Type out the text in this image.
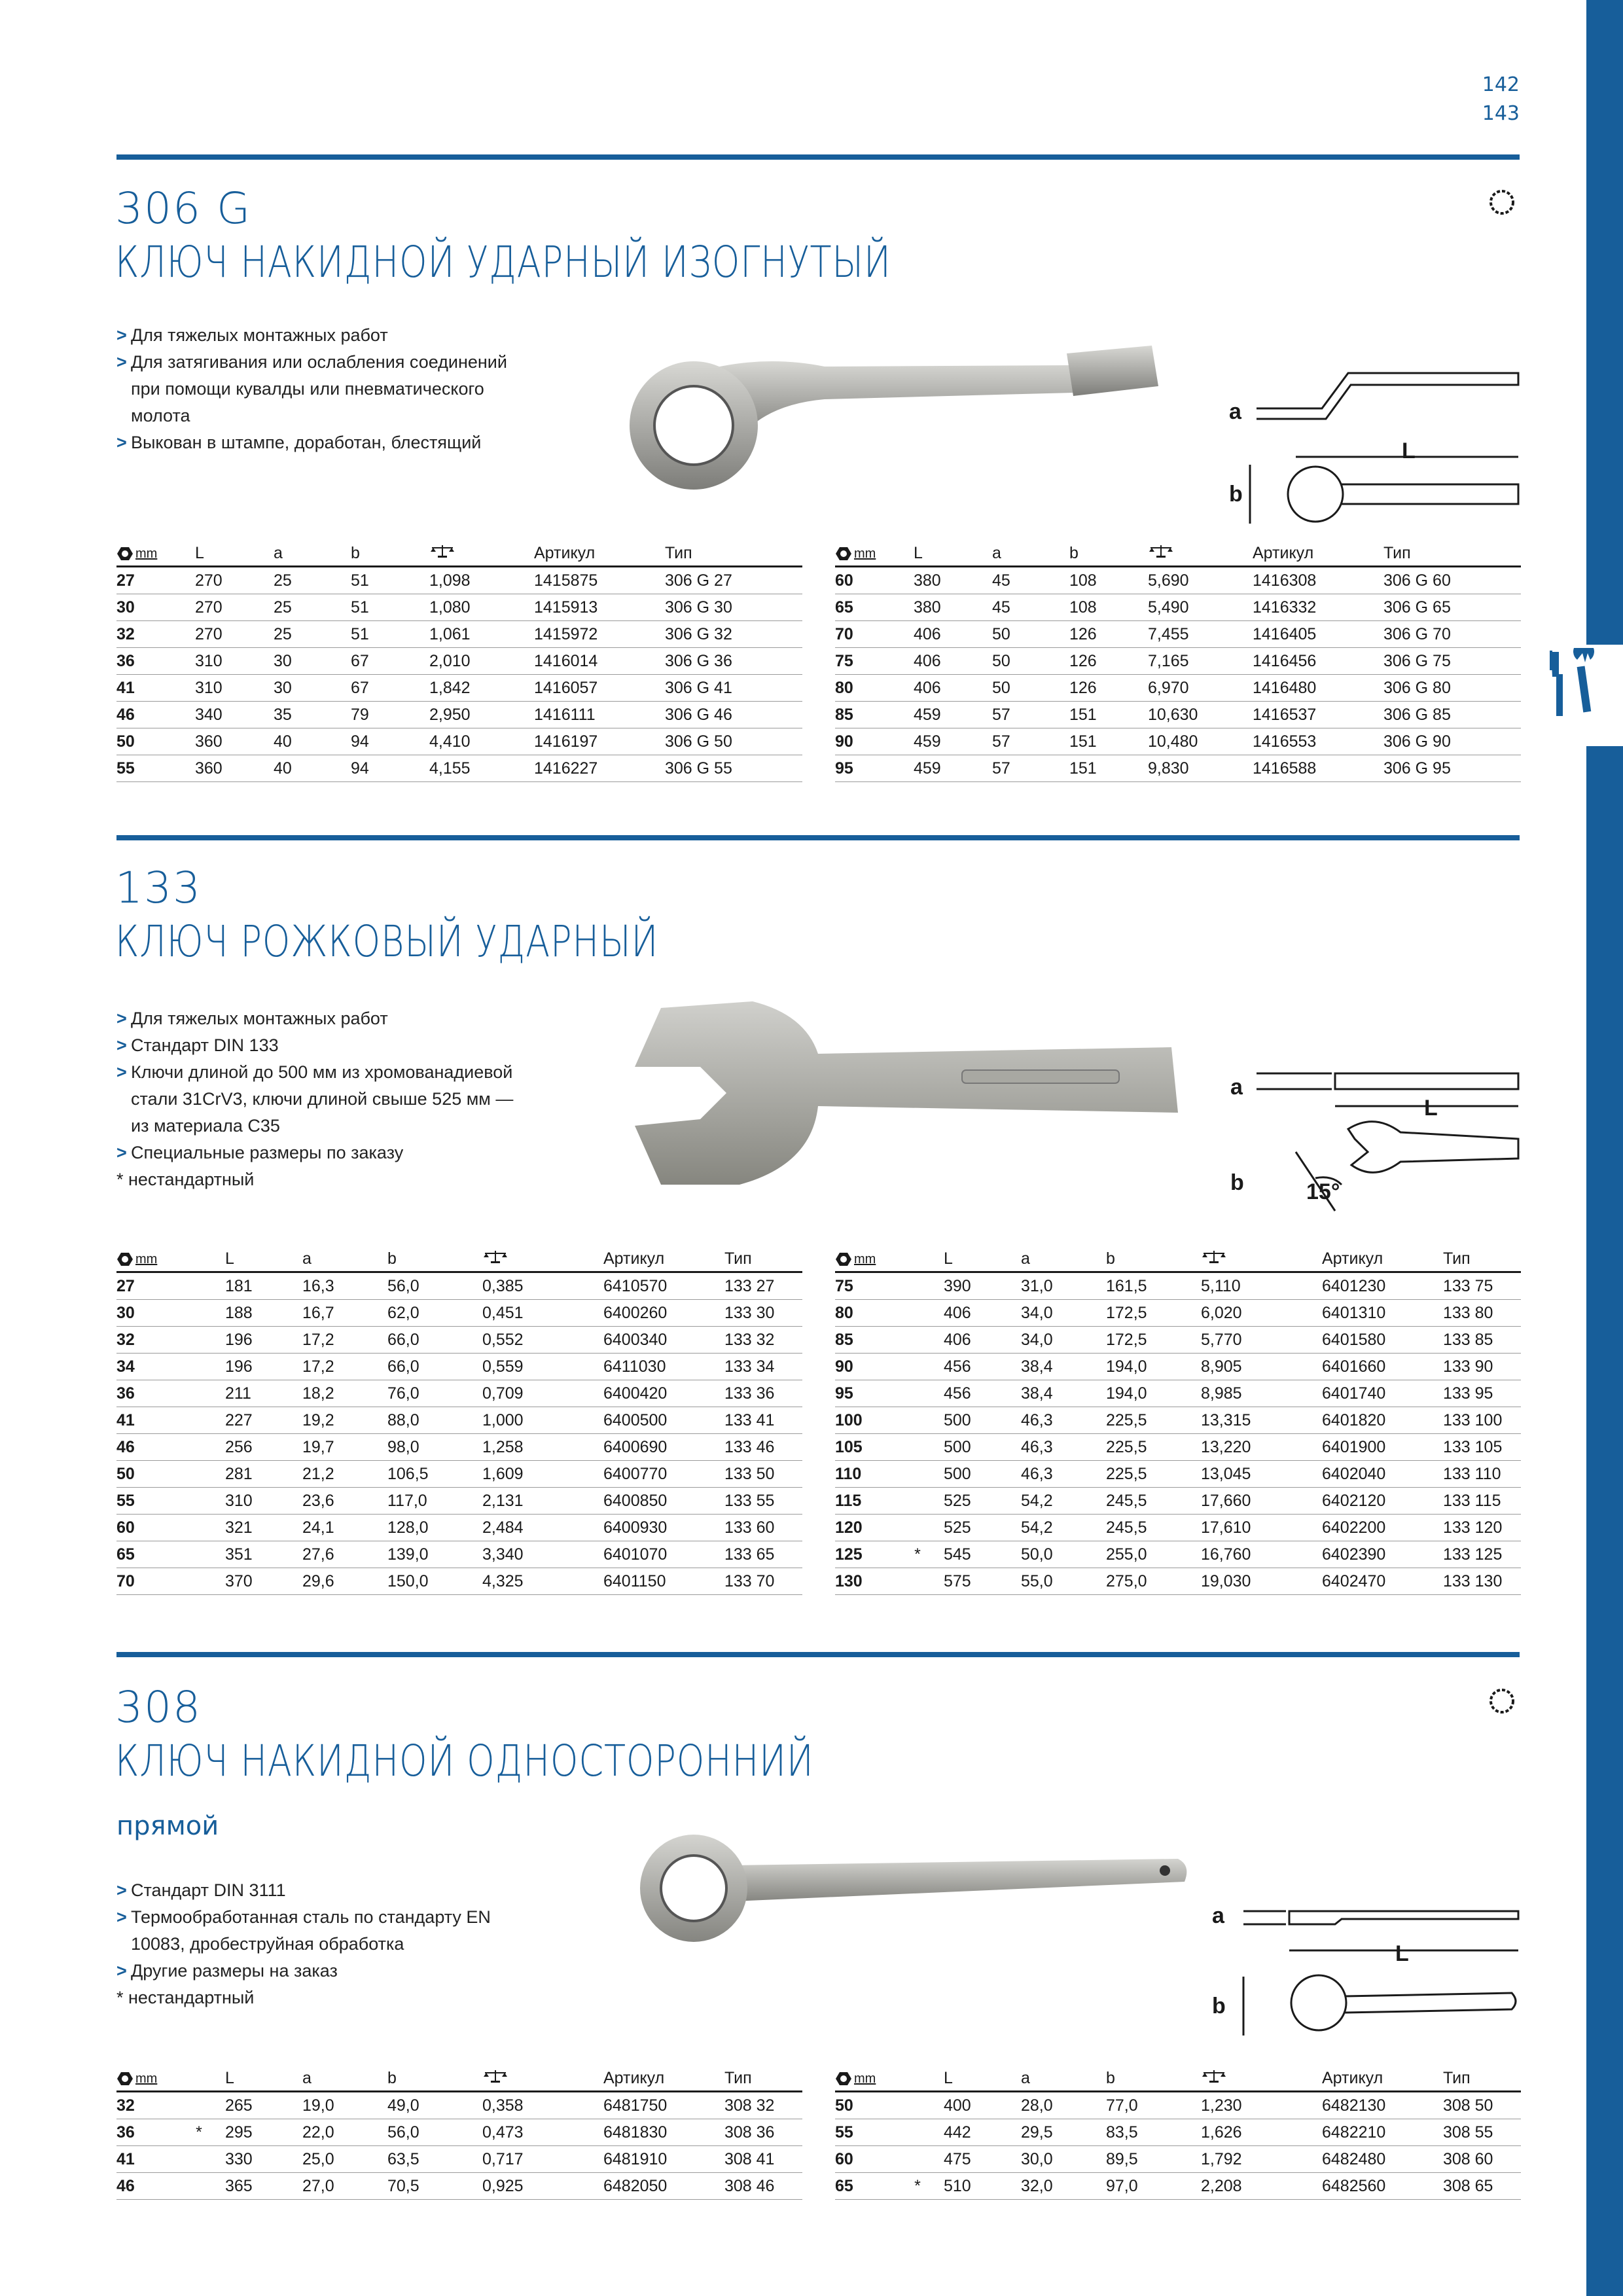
142
143
306 G
КЛЮЧ НАКИДНОЙ УДАРНЫЙ ИЗОГНУТЫЙ
> Для тяжелых монтажных работ
> Для затягивания или ослабления соединений при помощи кувалды или пневматического молота
> Выкован в штампе, доработан, блестящий
a
b
L
mm	L	a	b		Артикул	Тип
27	270	25	51	1,098	1415875	306 G 27
30	270	25	51	1,080	1415913	306 G 30
32	270	25	51	1,061	1415972	306 G 32
36	310	30	67	2,010	1416014	306 G 36
41	310	30	67	1,842	1416057	306 G 41
46	340	35	79	2,950	1416111	306 G 46
50	360	40	94	4,410	1416197	306 G 50
55	360	40	94	4,155	1416227	306 G 55
mm	L	a	b		Артикул	Тип
60	380	45	108	5,690	1416308	306 G 60
65	380	45	108	5,490	1416332	306 G 65
70	406	50	126	7,455	1416405	306 G 70
75	406	50	126	7,165	1416456	306 G 75
80	406	50	126	6,970	1416480	306 G 80
85	459	57	151	10,630	1416537	306 G 85
90	459	57	151	10,480	1416553	306 G 90
95	459	57	151	9,830	1416588	306 G 95
133
КЛЮЧ РОЖКОВЫЙ УДАРНЫЙ
> Для тяжелых монтажных работ
> Стандарт DIN 133
> Ключи длиной до 500 мм из хромованадиевой стали 31CrV3, ключи длиной свыше 525 мм — из материала C35
> Специальные размеры по заказу
* нестандартный
a
b
L
15°
mm		L	a	b		Артикул	Тип
27		181	16,3	56,0	0,385	6410570	133 27
30		188	16,7	62,0	0,451	6400260	133 30
32		196	17,2	66,0	0,552	6400340	133 32
34		196	17,2	66,0	0,559	6411030	133 34
36		211	18,2	76,0	0,709	6400420	133 36
41		227	19,2	88,0	1,000	6400500	133 41
46		256	19,7	98,0	1,258	6400690	133 46
50		281	21,2	106,5	1,609	6400770	133 50
55		310	23,6	117,0	2,131	6400850	133 55
60		321	24,1	128,0	2,484	6400930	133 60
65		351	27,6	139,0	3,340	6401070	133 65
70		370	29,6	150,0	4,325	6401150	133 70
mm		L	a	b		Артикул	Тип
75		390	31,0	161,5	5,110	6401230	133 75
80		406	34,0	172,5	6,020	6401310	133 80
85		406	34,0	172,5	5,770	6401580	133 85
90		456	38,4	194,0	8,905	6401660	133 90
95		456	38,4	194,0	8,985	6401740	133 95
100		500	46,3	225,5	13,315	6401820	133 100
105		500	46,3	225,5	13,220	6401900	133 105
110		500	46,3	225,5	13,045	6402040	133 110
115		525	54,2	245,5	17,660	6402120	133 115
120		525	54,2	245,5	17,610	6402200	133 120
125	*	545	50,0	255,0	16,760	6402390	133 125
130		575	55,0	275,0	19,030	6402470	133 130
308
КЛЮЧ НАКИДНОЙ ОДНОСТОРОННИЙ
прямой
> Стандарт DIN 3111
> Термообработанная сталь по стандарту EN 10083, дробеструйная обработка
> Другие размеры на заказ
* нестандартный
a
b
L
mm		L	a	b		Артикул	Тип
32		265	19,0	49,0	0,358	6481750	308 32
36	*	295	22,0	56,0	0,473	6481830	308 36
41		330	25,0	63,5	0,717	6481910	308 41
46		365	27,0	70,5	0,925	6482050	308 46
mm		L	a	b		Артикул	Тип
50		400	28,0	77,0	1,230	6482130	308 50
55		442	29,5	83,5	1,626	6482210	308 55
60		475	30,0	89,5	1,792	6482480	308 60
65	*	510	32,0	97,0	2,208	6482560	308 65
